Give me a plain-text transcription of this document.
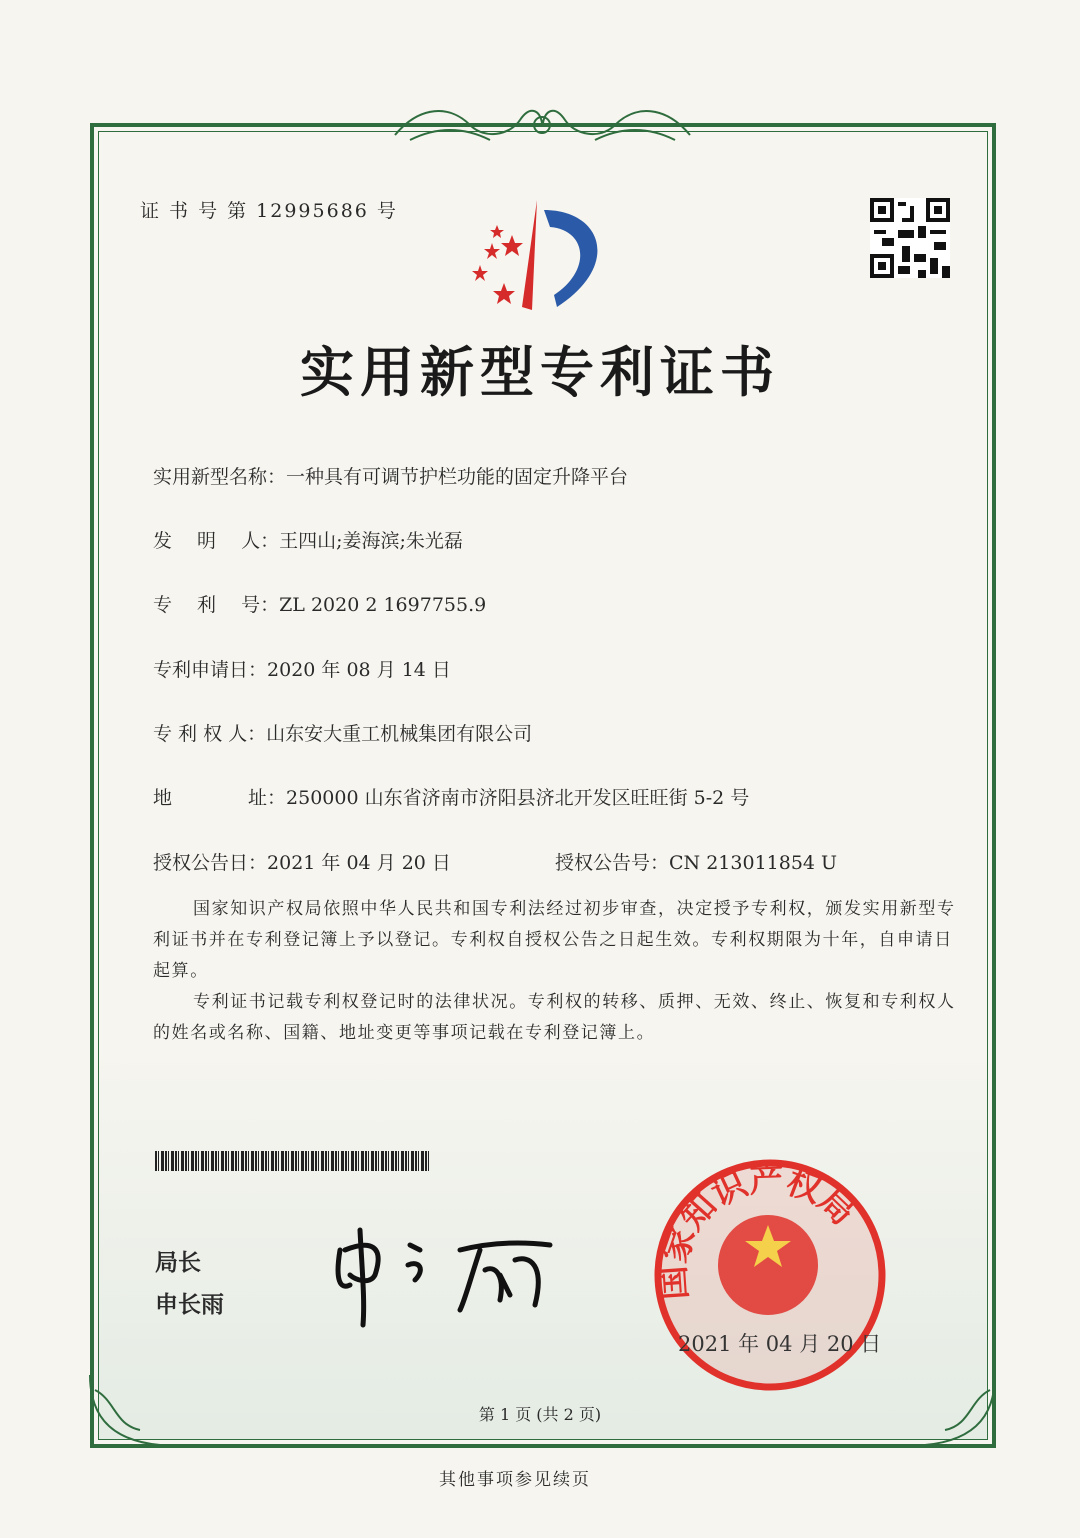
证 书 号 第 12995686 号
实用新型专利证书
实用新型名称：一种具有可调节护栏功能的固定升降平台
发　 明　 人：王四山;姜海滨;朱光磊
专　 利　 号：ZL 2020 2 1697755.9
专利申请日：2020 年 08 月 14 日
专 利 权 人：山东安大重工机械集团有限公司
地　　　　址：250000 山东省济南市济阳县济北开发区旺旺街 5-2 号
授权公告日：2021 年 04 月 20 日	授权公告号：CN 213011854 U
国家知识产权局依照中华人民共和国专利法经过初步审查，决定授予专利权，颁发实用新型专利证书并在专利登记簿上予以登记。专利权自授权公告之日起生效。专利权期限为十年，自申请日起算。
专利证书记载专利权登记时的法律状况。专利权的转移、质押、无效、终止、恢复和专利权人的姓名或名称、国籍、地址变更等事项记载在专利登记簿上。
局长
申长雨
国家知识产权局
2021 年 04 月 20 日
第 1 页 (共 2 页)
其他事项参见续页
